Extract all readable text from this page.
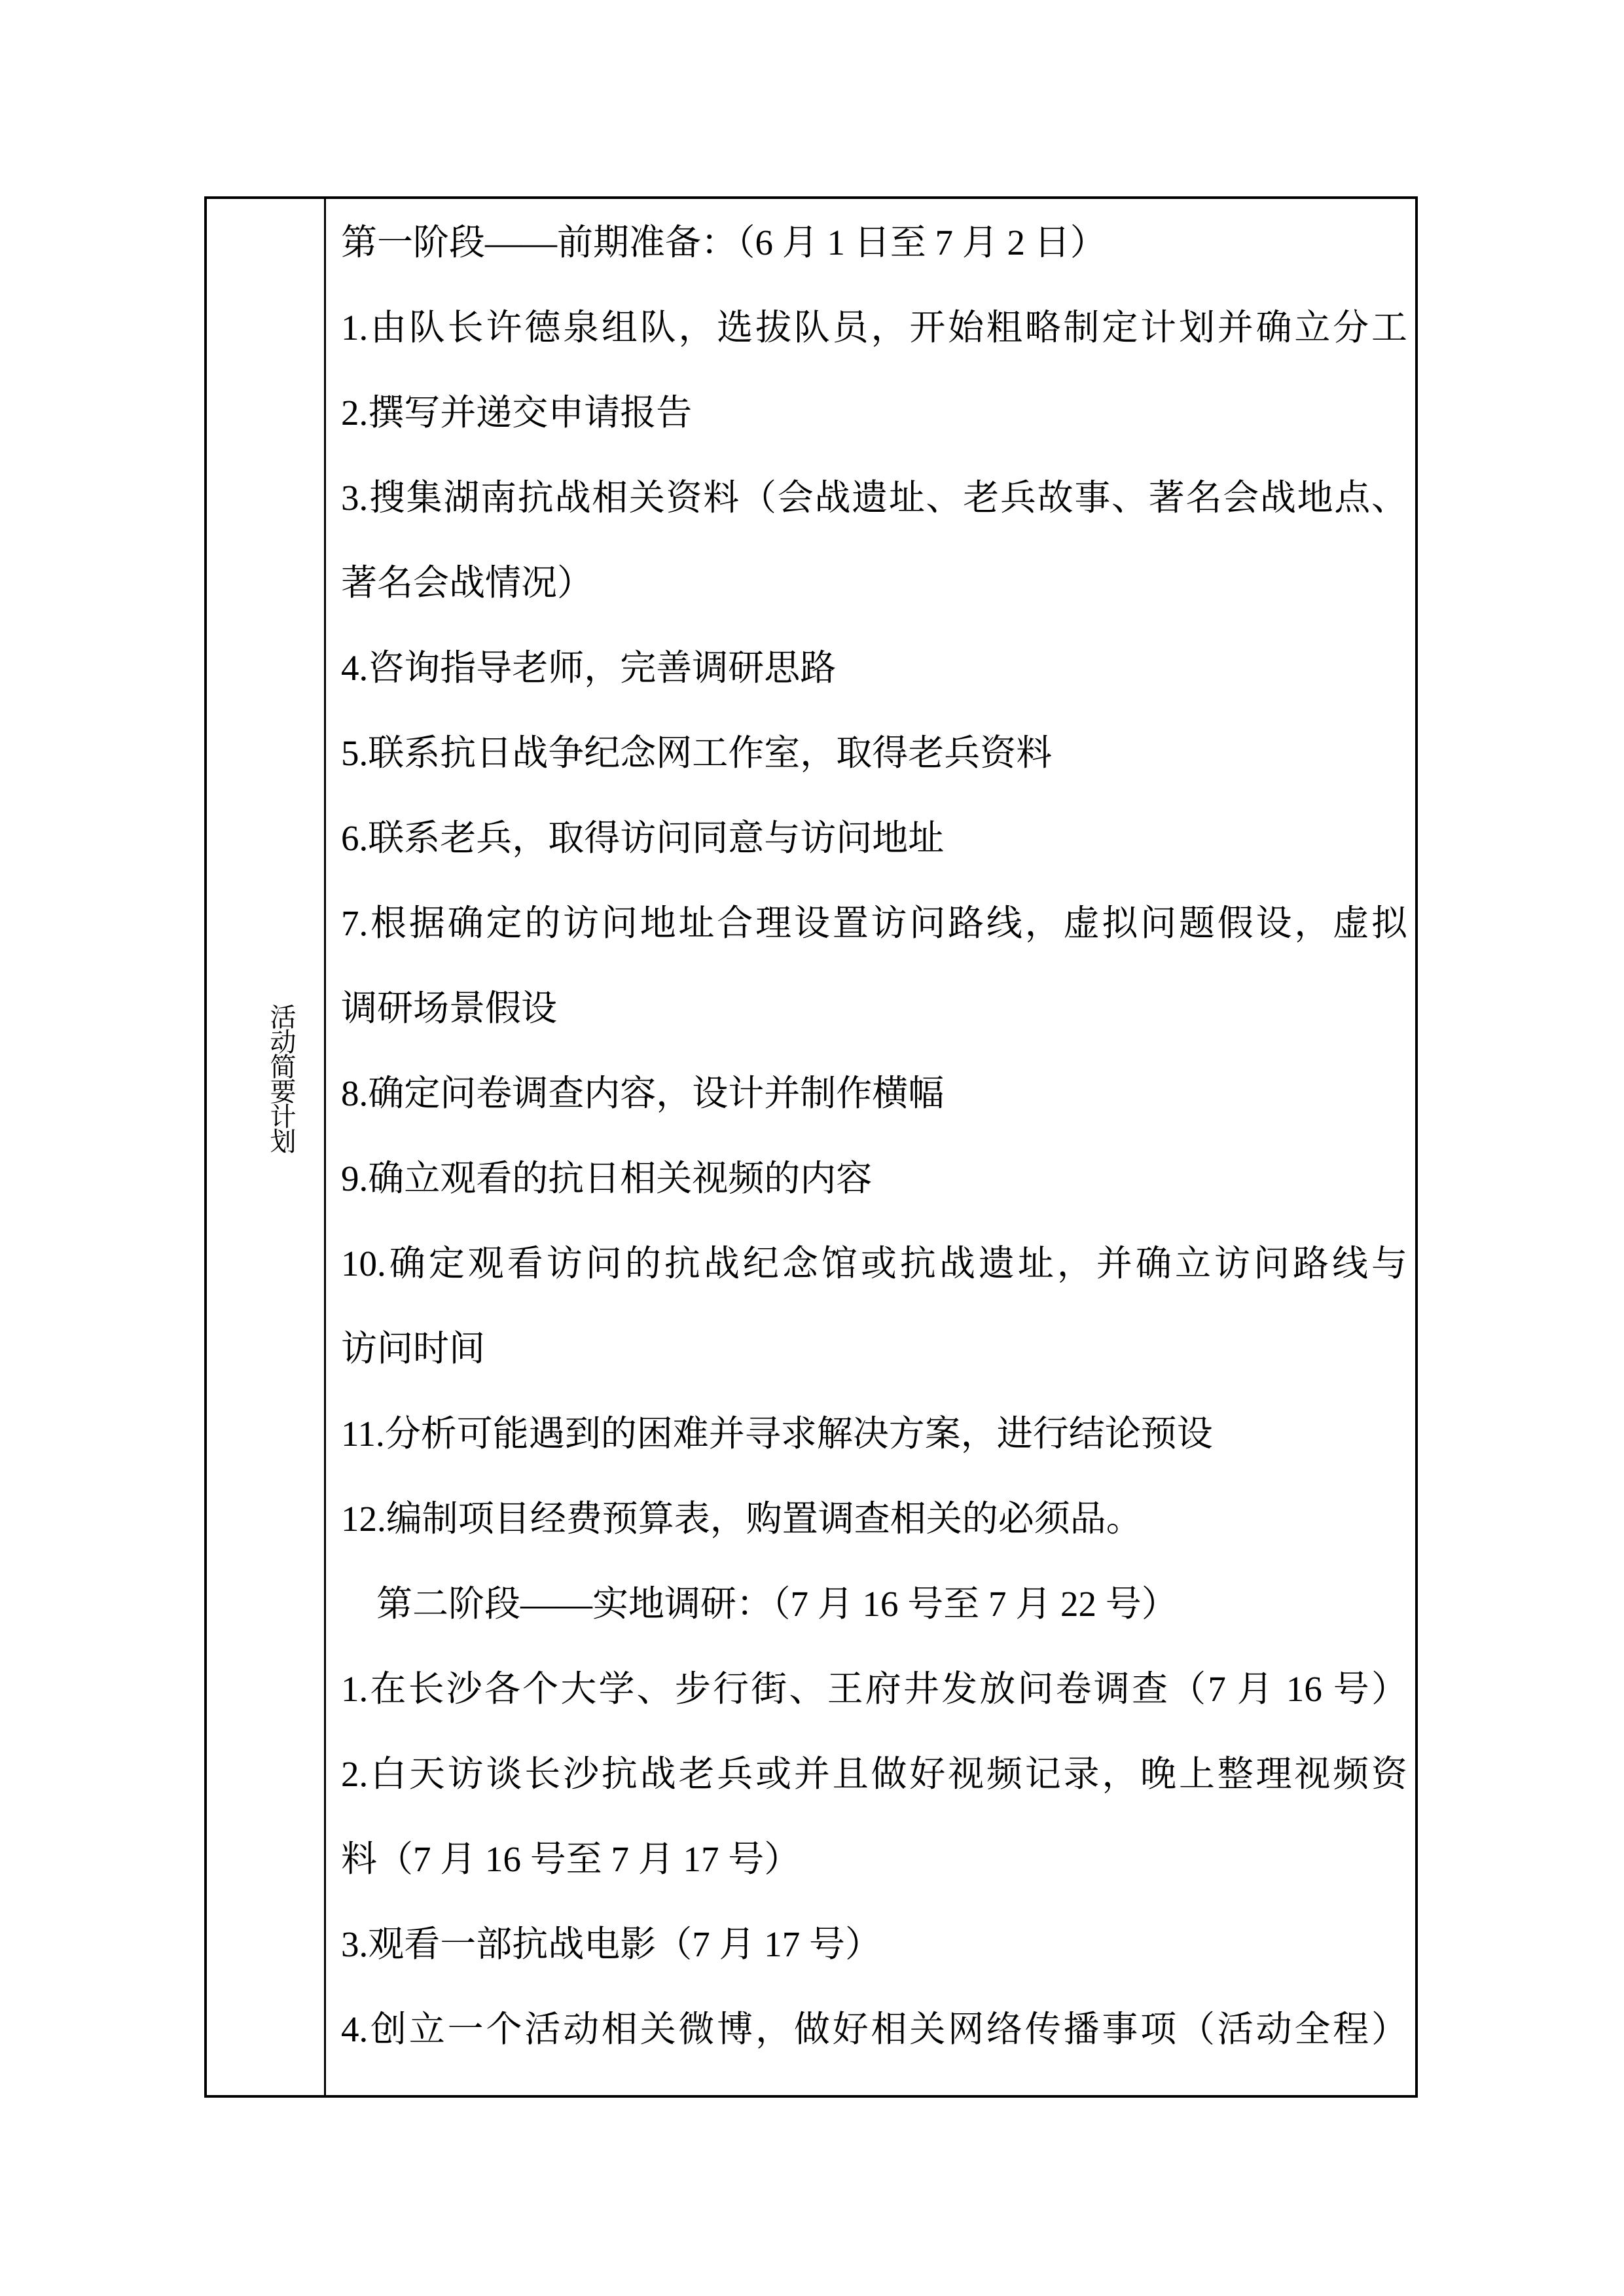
活动简要计划
第一阶段——前期准备：（6 月 1 日至 7 月 2 日）
1.由队长许德泉组队，选拔队员，开始粗略制定计划并确立分工
2.撰写并递交申请报告
3.搜集湖南抗战相关资料（会战遗址、老兵故事、著名会战地点、
著名会战情况）
4.咨询指导老师，完善调研思路
5.联系抗日战争纪念网工作室，取得老兵资料
6.联系老兵，取得访问同意与访问地址
7.根据确定的访问地址合理设置访问路线，虚拟问题假设，虚拟
调研场景假设
8.确定问卷调查内容，设计并制作横幅
9.确立观看的抗日相关视频的内容
10.确定观看访问的抗战纪念馆或抗战遗址，并确立访问路线与
访问时间
11.分析可能遇到的困难并寻求解决方案，进行结论预设
12.编制项目经费预算表，购置调查相关的必须品。
第二阶段——实地调研：（7 月 16 号至 7 月 22 号）
1.在长沙各个大学、步行街、王府井发放问卷调查（7 月 16 号）
2.白天访谈长沙抗战老兵或并且做好视频记录，晚上整理视频资
料（7 月 16 号至 7 月 17 号）
3.观看一部抗战电影（7 月 17 号）
4.创立一个活动相关微博，做好相关网络传播事项（活动全程）
